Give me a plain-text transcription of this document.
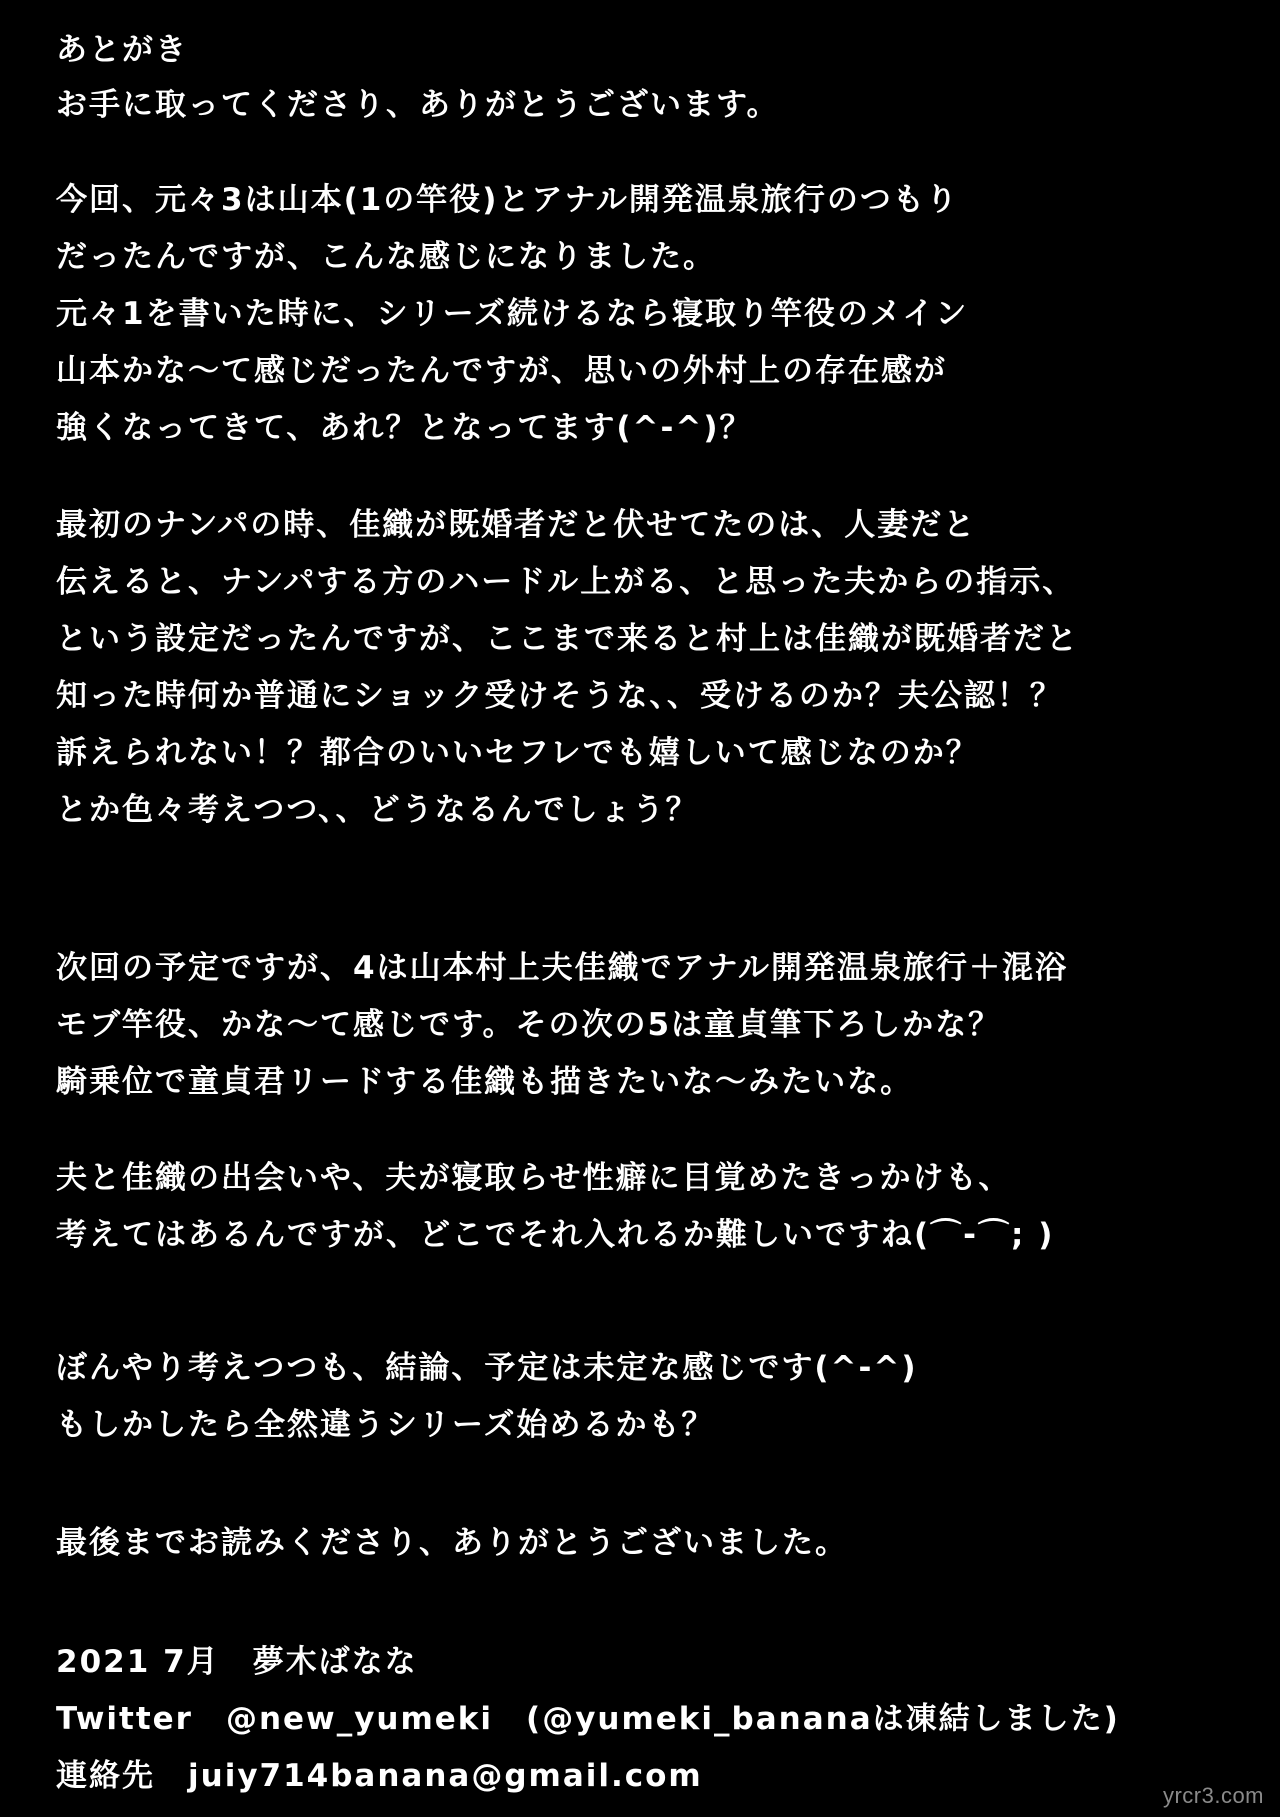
あとがき
お手に取ってくださり、ありがとうございます。
今回、元々3は山本(1の竿役)とアナル開発温泉旅行のつもり
だったんですが、こんな感じになりました。
元々1を書いた時に、シリーズ続けるなら寝取り竿役のメイン
山本かな〜て感じだったんですが、思いの外村上の存在感が
強くなってきて、あれ？となってます(^-^)？
最初のナンパの時、佳織が既婚者だと伏せてたのは、人妻だと
伝えると、ナンパする方のハードル上がる、と思った夫からの指示、
という設定だったんですが、ここまで来ると村上は佳織が既婚者だと
知った時何か普通にショック受けそうな、、受けるのか？夫公認！？
訴えられない！？都合のいいセフレでも嬉しいて感じなのか？
とか色々考えつつ、、どうなるんでしょう？
次回の予定ですが、4は山本村上夫佳織でアナル開発温泉旅行＋混浴
モブ竿役、かな〜て感じです。その次の5は童貞筆下ろしかな？
騎乗位で童貞君リードする佳織も描きたいな〜みたいな。
夫と佳織の出会いや、夫が寝取らせ性癖に目覚めたきっかけも、
考えてはあるんですが、どこでそれ入れるか難しいですね(⌒-⌒; )
ぼんやり考えつつも、結論、予定は未定な感じです(^-^)
もしかしたら全然違うシリーズ始めるかも？
最後までお読みくださり、ありがとうございました。
2021 7月　夢木ばなな
Twitter　@new_yumeki　(@yumeki_bananaは凍結しました)
連絡先　juiy714banana@gmail.com
yrcr3.com
